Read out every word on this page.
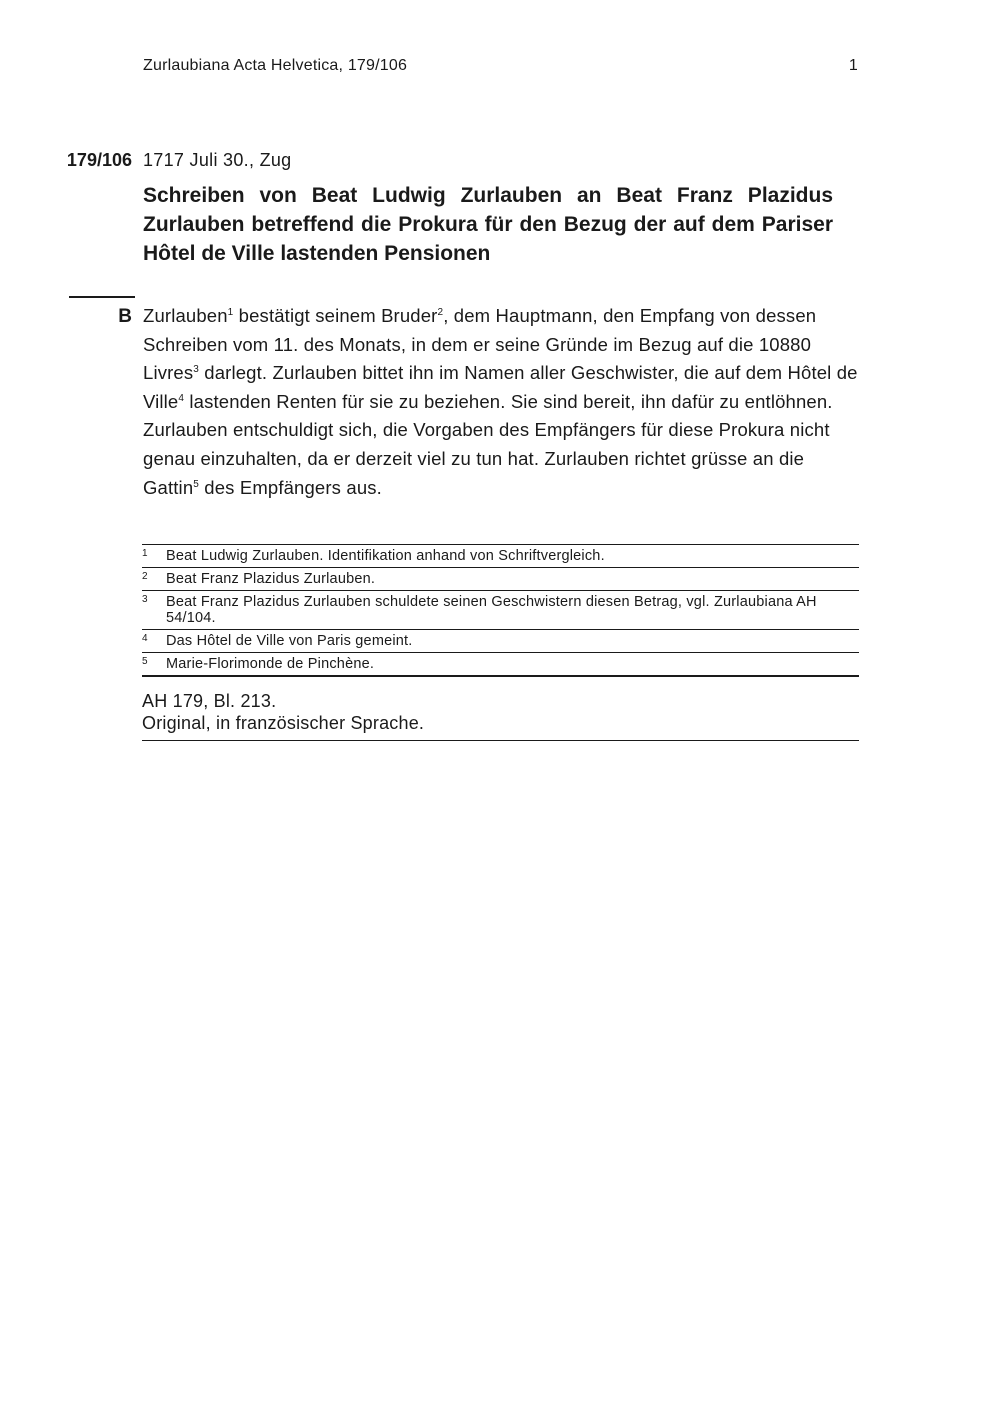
Zurlaubiana Acta Helvetica, 179/106	1
179/106 1717 Juli 30., Zug
Schreiben von Beat Ludwig Zurlauben an Beat Franz Plazidus Zurlauben betreffend die Prokura für den Bezug der auf dem Pariser Hôtel de Ville lastenden Pensionen
B Zurlauben$^1$ bestätigt seinem Bruder$^2$, dem Hauptmann, den Empfang von dessen Schreiben vom 11. des Monats, in dem er seine Gründe im Bezug auf die 10880 Livres$^3$ darlegt. Zurlauben bittet ihn im Namen aller Geschwister, die auf dem Hôtel de Ville$^4$ lastenden Renten für sie zu beziehen. Sie sind bereit, ihn dafür zu entlöhnen. Zurlauben entschuldigt sich, die Vorgaben des Empfängers für diese Prokura nicht genau einzuhalten, da er derzeit viel zu tun hat. Zurlauben richtet grüsse an die Gattin$^5$ des Empfängers aus.

1 Beat Ludwig Zurlauben. Identifikation anhand von Schriftvergleich.
2 Beat Franz Plazidus Zurlauben.
3 Beat Franz Plazidus Zurlauben schuldete seinen Geschwistern diesen Betrag, vgl. Zurlaubiana AH 54/104.
4 Das Hôtel de Ville von Paris gemeint.
5 Marie-Florimonde de Pinchène.
AH 179, Bl. 213.
Original, in französischer Sprache.
